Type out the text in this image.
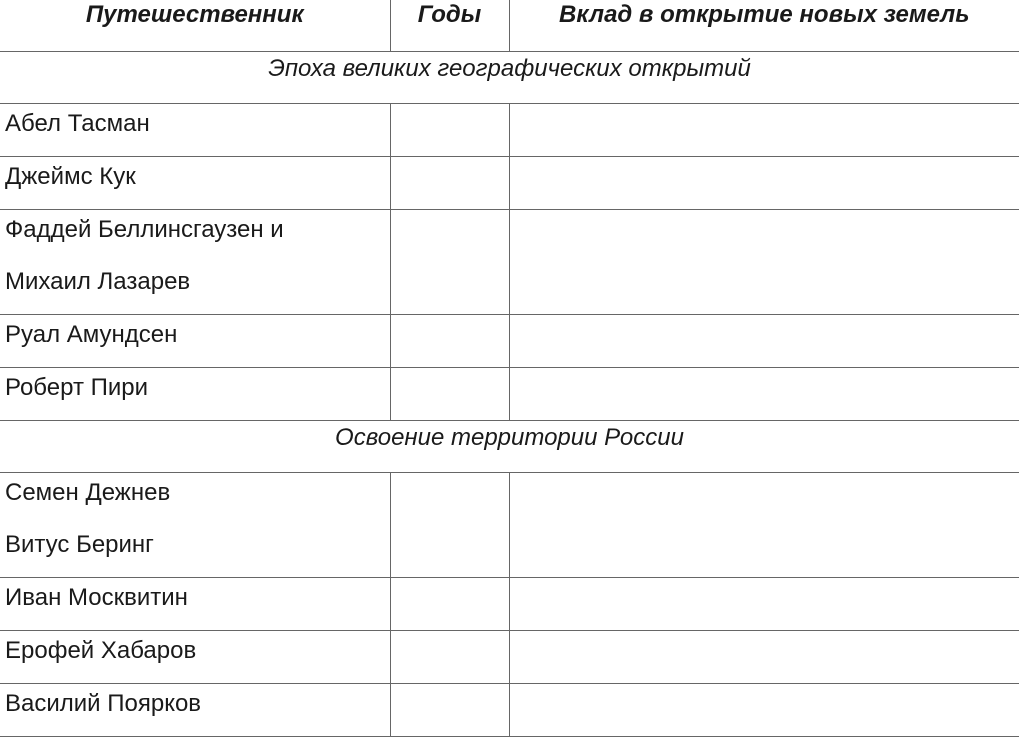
Путешественник	Годы	Вклад в открытие новых земель
Эпоха великих географических открытий		

Абел Тасман		

Джеймс Кук		

Фаддей Беллинсгаузен и
Михаил Лазарев		

Руал Амундсен		

Роберт Пири		

Освоение территории России		

Семен Дежнев
Витус Беринг		

Иван Москвитин		

Ерофей Хабаров		

Василий Поярков		
